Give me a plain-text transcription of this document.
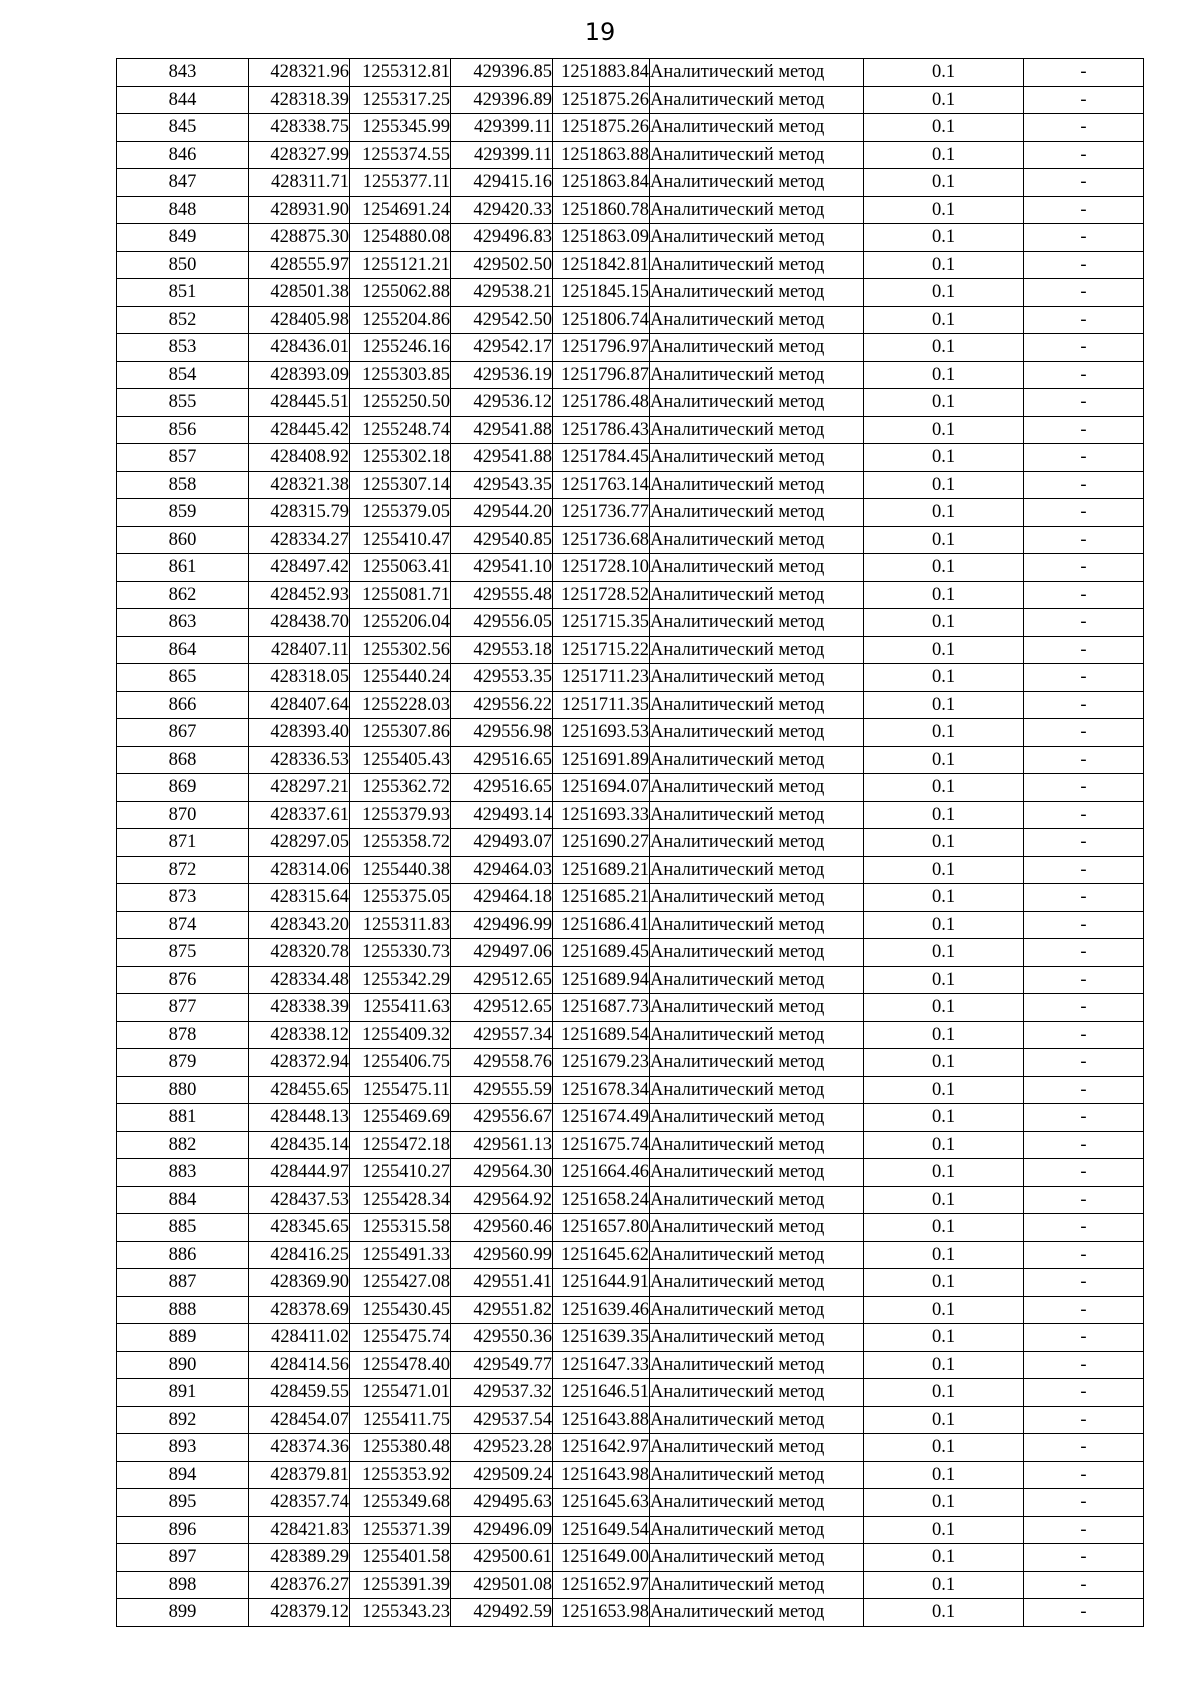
19
843	428321.96	1255312.81	429396.85	1251883.84	Аналитический метод	0.1	-
844	428318.39	1255317.25	429396.89	1251875.26	Аналитический метод	0.1	-
845	428338.75	1255345.99	429399.11	1251875.26	Аналитический метод	0.1	-
846	428327.99	1255374.55	429399.11	1251863.88	Аналитический метод	0.1	-
847	428311.71	1255377.11	429415.16	1251863.84	Аналитический метод	0.1	-
848	428931.90	1254691.24	429420.33	1251860.78	Аналитический метод	0.1	-
849	428875.30	1254880.08	429496.83	1251863.09	Аналитический метод	0.1	-
850	428555.97	1255121.21	429502.50	1251842.81	Аналитический метод	0.1	-
851	428501.38	1255062.88	429538.21	1251845.15	Аналитический метод	0.1	-
852	428405.98	1255204.86	429542.50	1251806.74	Аналитический метод	0.1	-
853	428436.01	1255246.16	429542.17	1251796.97	Аналитический метод	0.1	-
854	428393.09	1255303.85	429536.19	1251796.87	Аналитический метод	0.1	-
855	428445.51	1255250.50	429536.12	1251786.48	Аналитический метод	0.1	-
856	428445.42	1255248.74	429541.88	1251786.43	Аналитический метод	0.1	-
857	428408.92	1255302.18	429541.88	1251784.45	Аналитический метод	0.1	-
858	428321.38	1255307.14	429543.35	1251763.14	Аналитический метод	0.1	-
859	428315.79	1255379.05	429544.20	1251736.77	Аналитический метод	0.1	-
860	428334.27	1255410.47	429540.85	1251736.68	Аналитический метод	0.1	-
861	428497.42	1255063.41	429541.10	1251728.10	Аналитический метод	0.1	-
862	428452.93	1255081.71	429555.48	1251728.52	Аналитический метод	0.1	-
863	428438.70	1255206.04	429556.05	1251715.35	Аналитический метод	0.1	-
864	428407.11	1255302.56	429553.18	1251715.22	Аналитический метод	0.1	-
865	428318.05	1255440.24	429553.35	1251711.23	Аналитический метод	0.1	-
866	428407.64	1255228.03	429556.22	1251711.35	Аналитический метод	0.1	-
867	428393.40	1255307.86	429556.98	1251693.53	Аналитический метод	0.1	-
868	428336.53	1255405.43	429516.65	1251691.89	Аналитический метод	0.1	-
869	428297.21	1255362.72	429516.65	1251694.07	Аналитический метод	0.1	-
870	428337.61	1255379.93	429493.14	1251693.33	Аналитический метод	0.1	-
871	428297.05	1255358.72	429493.07	1251690.27	Аналитический метод	0.1	-
872	428314.06	1255440.38	429464.03	1251689.21	Аналитический метод	0.1	-
873	428315.64	1255375.05	429464.18	1251685.21	Аналитический метод	0.1	-
874	428343.20	1255311.83	429496.99	1251686.41	Аналитический метод	0.1	-
875	428320.78	1255330.73	429497.06	1251689.45	Аналитический метод	0.1	-
876	428334.48	1255342.29	429512.65	1251689.94	Аналитический метод	0.1	-
877	428338.39	1255411.63	429512.65	1251687.73	Аналитический метод	0.1	-
878	428338.12	1255409.32	429557.34	1251689.54	Аналитический метод	0.1	-
879	428372.94	1255406.75	429558.76	1251679.23	Аналитический метод	0.1	-
880	428455.65	1255475.11	429555.59	1251678.34	Аналитический метод	0.1	-
881	428448.13	1255469.69	429556.67	1251674.49	Аналитический метод	0.1	-
882	428435.14	1255472.18	429561.13	1251675.74	Аналитический метод	0.1	-
883	428444.97	1255410.27	429564.30	1251664.46	Аналитический метод	0.1	-
884	428437.53	1255428.34	429564.92	1251658.24	Аналитический метод	0.1	-
885	428345.65	1255315.58	429560.46	1251657.80	Аналитический метод	0.1	-
886	428416.25	1255491.33	429560.99	1251645.62	Аналитический метод	0.1	-
887	428369.90	1255427.08	429551.41	1251644.91	Аналитический метод	0.1	-
888	428378.69	1255430.45	429551.82	1251639.46	Аналитический метод	0.1	-
889	428411.02	1255475.74	429550.36	1251639.35	Аналитический метод	0.1	-
890	428414.56	1255478.40	429549.77	1251647.33	Аналитический метод	0.1	-
891	428459.55	1255471.01	429537.32	1251646.51	Аналитический метод	0.1	-
892	428454.07	1255411.75	429537.54	1251643.88	Аналитический метод	0.1	-
893	428374.36	1255380.48	429523.28	1251642.97	Аналитический метод	0.1	-
894	428379.81	1255353.92	429509.24	1251643.98	Аналитический метод	0.1	-
895	428357.74	1255349.68	429495.63	1251645.63	Аналитический метод	0.1	-
896	428421.83	1255371.39	429496.09	1251649.54	Аналитический метод	0.1	-
897	428389.29	1255401.58	429500.61	1251649.00	Аналитический метод	0.1	-
898	428376.27	1255391.39	429501.08	1251652.97	Аналитический метод	0.1	-
899	428379.12	1255343.23	429492.59	1251653.98	Аналитический метод	0.1	-
